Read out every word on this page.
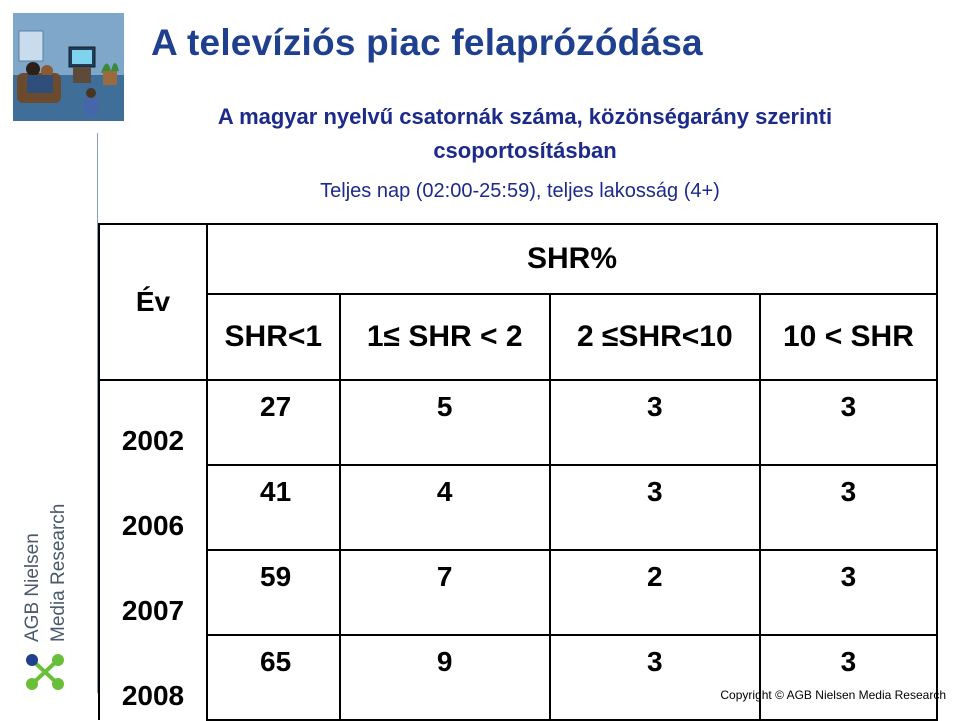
A televíziós piac felaprózódása
A magyar nyelvű csatornák száma, közönségarány szerinti csoportosításban
Teljes nap (02:00-25:59), teljes lakosság (4+)
Év	SHR%			
	SHR<1	1≤ SHR < 2	2 ≤SHR<10	10 < SHR
2002	27	5	3	3
2006	41	4	3	3
2007	59	7	2	3
2008	65	9	3	3
AGB Nielsen Media Research
Copyright © AGB Nielsen Media Research
